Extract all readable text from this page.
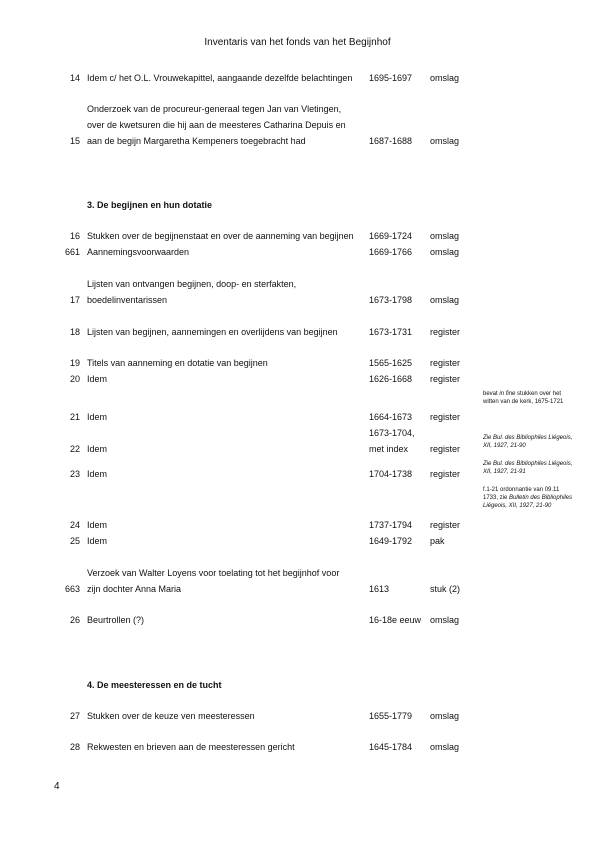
Inventaris van het fonds van het Begijnhof
14 Idem c/ het O.L. Vrouwekapittel, aangaande dezelfde belachtingen 1695-1697 omslag
Onderzoek van de procureur-generaal tegen Jan van Vletingen,
over de kwetsuren die hij aan de meesteres Catharina Depuis en
15 aan de begijn Margaretha Kempeners toegebracht had	1687-1688 omslag
3. De begijnen en hun dotatie
16 Stukken over de begijnenstaat en over de aanneming van begijnen 1669-1724 omslag
661 Aannemingsvoorwaarden	1669-1766 omslag
Lijsten van ontvangen begijnen, doop- en sterfakten,
17 boedelinventarissen	1673-1798 omslag
18 Lijsten van begijnen, aannemingen en overlijdens van begijnen	1673-1731 register
19 Titels van aanneming en dotatie van begijnen	1565-1625 register
20 Idem	1626-1668 register
bevat in fine stukken over het witten van de kerk, 1675-1721
21 Idem	1664-1673 register
Zie Bul. des Bibliophiles Liégeois, XII, 1927, 21-90
1673-1704,
22 Idem	met index register
Zie Bul. des Bibliophiles Liégeois, XII, 1927, 21-91
23 Idem	1704-1738 register
f.1-21 ordonnantie van 09.11 1733, zie Bulletin des Bibliophiles Liégeois, XII, 1927, 21-90
24 Idem	1737-1794 register
25 Idem	1649-1792 pak
Verzoek van Walter Loyens voor toelating tot het begijnhof voor
663 zijn dochter Anna Maria	1613	stuk (2)
26 Beurtrollen (?)	16-18e eeuw omslag
4. De meesteressen en de tucht
27 Stukken over de keuze ven meesteressen	1655-1779 omslag
28 Rekwesten en brieven aan de meesteressen gericht	1645-1784 omslag
4
